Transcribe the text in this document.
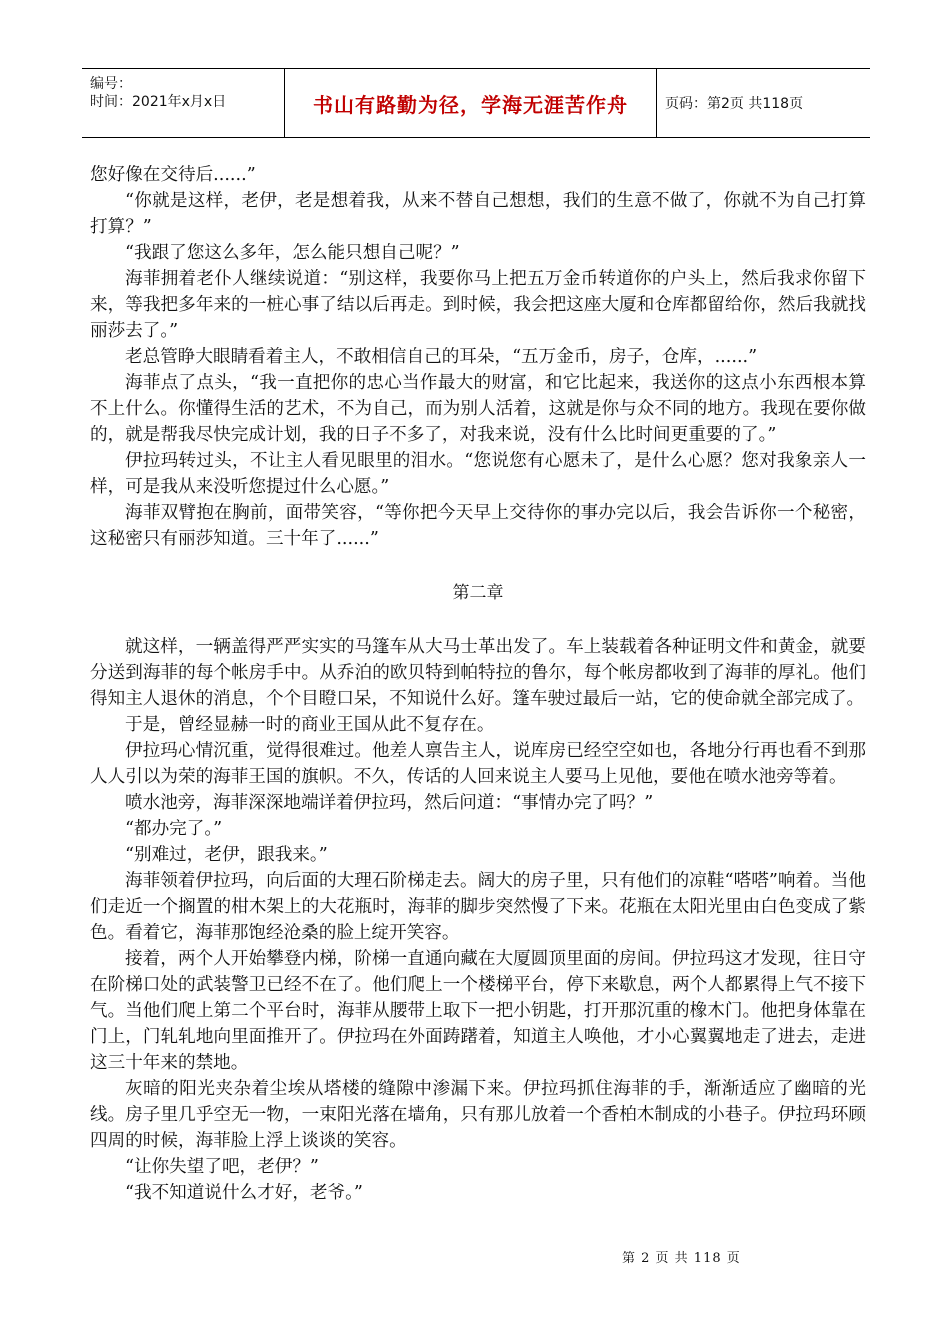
编号：
时间：2021年x月x日	书山有路勤为径，学海无涯苦作舟	页码：第2页 共118页

您好像在交待后......”

“你就是这样，老伊，老是想着我，从来不替自己想想，我们的生意不做了，你就不为自己打算打算？”

“我跟了您这么多年，怎么能只想自己呢？”

海菲拥着老仆人继续说道：“别这样，我要你马上把五万金币转道你的户头上，然后我求你留下来，等我把多年来的一桩心事了结以后再走。到时候，我会把这座大厦和仓库都留给你，然后我就找丽莎去了。”

老总管睁大眼睛看着主人，不敢相信自己的耳朵，“五万金币，房子，仓库，......”

海菲点了点头，“我一直把你的忠心当作最大的财富，和它比起来，我送你的这点小东西根本算不上什么。你懂得生活的艺术，不为自己，而为别人活着，这就是你与众不同的地方。我现在要你做的，就是帮我尽快完成计划，我的日子不多了，对我来说，没有什么比时间更重要的了。”

伊拉玛转过头，不让主人看见眼里的泪水。“您说您有心愿未了，是什么心愿？您对我象亲人一样，可是我从来没听您提过什么心愿。”

海菲双臂抱在胸前，面带笑容，“等你把今天早上交待你的事办完以后，我会告诉你一个秘密，这秘密只有丽莎知道。三十年了......”

第二章

就这样，一辆盖得严严实实的马篷车从大马士革出发了。车上装载着各种证明文件和黄金，就要分送到海菲的每个帐房手中。从乔泊的欧贝特到帕特拉的鲁尔，每个帐房都收到了海菲的厚礼。他们得知主人退休的消息，个个目瞪口呆，不知说什么好。篷车驶过最后一站，它的使命就全部完成了。

于是，曾经显赫一时的商业王国从此不复存在。

伊拉玛心情沉重，觉得很难过。他差人禀告主人，说库房已经空空如也，各地分行再也看不到那人人引以为荣的海菲王国的旗帜。不久，传话的人回来说主人要马上见他，要他在喷水池旁等着。

喷水池旁，海菲深深地端详着伊拉玛，然后问道：“事情办完了吗？”

“都办完了。”

“别难过，老伊，跟我来。”

海菲领着伊拉玛，向后面的大理石阶梯走去。阔大的房子里，只有他们的凉鞋“嗒嗒”响着。当他们走近一个搁置的柑木架上的大花瓶时，海菲的脚步突然慢了下来。花瓶在太阳光里由白色变成了紫色。看着它，海菲那饱经沧桑的脸上绽开笑容。

接着，两个人开始攀登内梯，阶梯一直通向藏在大厦圆顶里面的房间。伊拉玛这才发现，往日守在阶梯口处的武装警卫已经不在了。他们爬上一个楼梯平台，停下来歇息，两个人都累得上气不接下气。当他们爬上第二个平台时，海菲从腰带上取下一把小钥匙，打开那沉重的橡木门。他把身体靠在门上，门轧轧地向里面推开了。伊拉玛在外面踌躇着，知道主人唤他，才小心翼翼地走了进去，走进这三十年来的禁地。

灰暗的阳光夹杂着尘埃从塔楼的缝隙中渗漏下来。伊拉玛抓住海菲的手，渐渐适应了幽暗的光线。房子里几乎空无一物，一束阳光落在墙角，只有那儿放着一个香柏木制成的小巷子。伊拉玛环顾四周的时候，海菲脸上浮上谈谈的笑容。

“让你失望了吧，老伊？”

“我不知道说什么才好，老爷。”

第 2 页 共 118 页
